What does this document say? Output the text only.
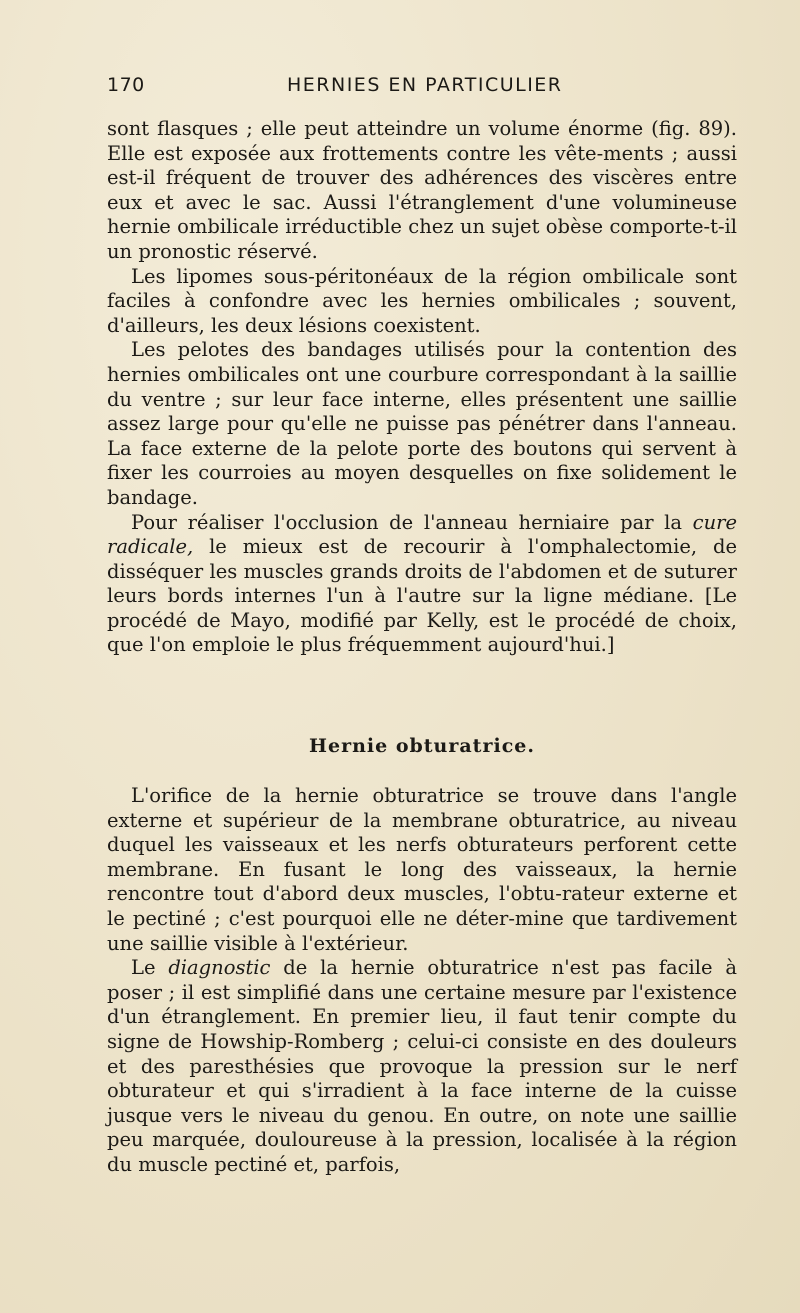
170	HERNIES EN PARTICULIER

sont flasques ; elle peut atteindre un volume énorme (fig. 89). Elle est exposée aux frottements contre les vête-ments ; aussi est-il fréquent de trouver des adhérences des viscères entre eux et avec le sac. Aussi l'étranglement d'une volumineuse hernie ombilicale irréductible chez un sujet obèse comporte-t-il un pronostic réservé.

Les lipomes sous-péritonéaux de la région ombilicale sont faciles à confondre avec les hernies ombilicales ; souvent, d'ailleurs, les deux lésions coexistent.

Les pelotes des bandages utilisés pour la contention des hernies ombilicales ont une courbure correspondant à la saillie du ventre ; sur leur face interne, elles présentent une saillie assez large pour qu'elle ne puisse pas pénétrer dans l'anneau. La face externe de la pelote porte des boutons qui servent à fixer les courroies au moyen desquelles on fixe solidement le bandage.

Pour réaliser l'occlusion de l'anneau herniaire par la cure radicale, le mieux est de recourir à l'omphalectomie, de disséquer les muscles grands droits de l'abdomen et de suturer leurs bords internes l'un à l'autre sur la ligne médiane. [Le procédé de Mayo, modifié par Kelly, est le procédé de choix, que l'on emploie le plus fréquemment aujourd'hui.]

Hernie obturatrice.

L'orifice de la hernie obturatrice se trouve dans l'angle externe et supérieur de la membrane obturatrice, au niveau duquel les vaisseaux et les nerfs obturateurs perforent cette membrane. En fusant le long des vaisseaux, la hernie rencontre tout d'abord deux muscles, l'obtu-rateur externe et le pectiné ; c'est pourquoi elle ne déter-mine que tardivement une saillie visible à l'extérieur.

Le diagnostic de la hernie obturatrice n'est pas facile à poser ; il est simplifié dans une certaine mesure par l'existence d'un étranglement. En premier lieu, il faut tenir compte du signe de Howship-Romberg ; celui-ci consiste en des douleurs et des paresthésies que provoque la pression sur le nerf obturateur et qui s'irradient à la face interne de la cuisse jusque vers le niveau du genou. En outre, on note une saillie peu marquée, douloureuse à la pression, localisée à la région du muscle pectiné et, parfois,
